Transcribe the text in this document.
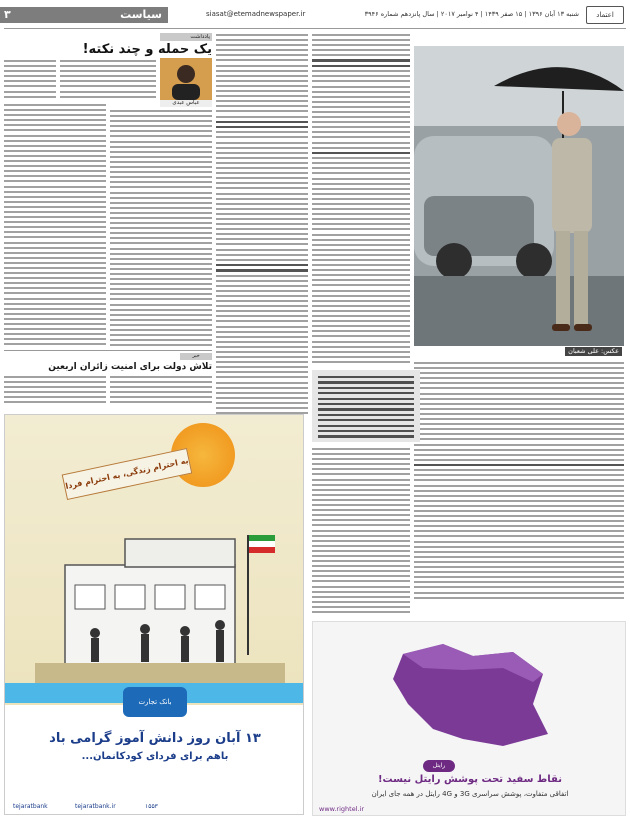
سیاست
۳	siasat@etemadnewspaper.ir	شنبه ۱۳ آبان ۱۳۹۶ | ۱۵ صفر ۱۴۳۹ | ۴ نوامبر ۲۰۱۷ | سال پانزدهم شماره ۳۹۴۶	اعتماد
عکس: علی شعبان
یادداشت
یک حمله و چند نکته!
عباس عبدی
خبر
تلاش دولت برای امنیت زائران اربعین
به احترام زندگی، به احترام فردا
بانک تجارت
۱۳ آبان روز دانش آموز گرامی باد
باهم برای فردای کودکانمان...
tejaratbank	tejaratbank.ir	۱۵۵۳
رایتل
نقاط سفید تحت پوشش رایتل نیست!
اتفاقی متفاوت، پوشش سراسری 3G و 4G رایتل در همه جای ایران
www.rightel.ir
